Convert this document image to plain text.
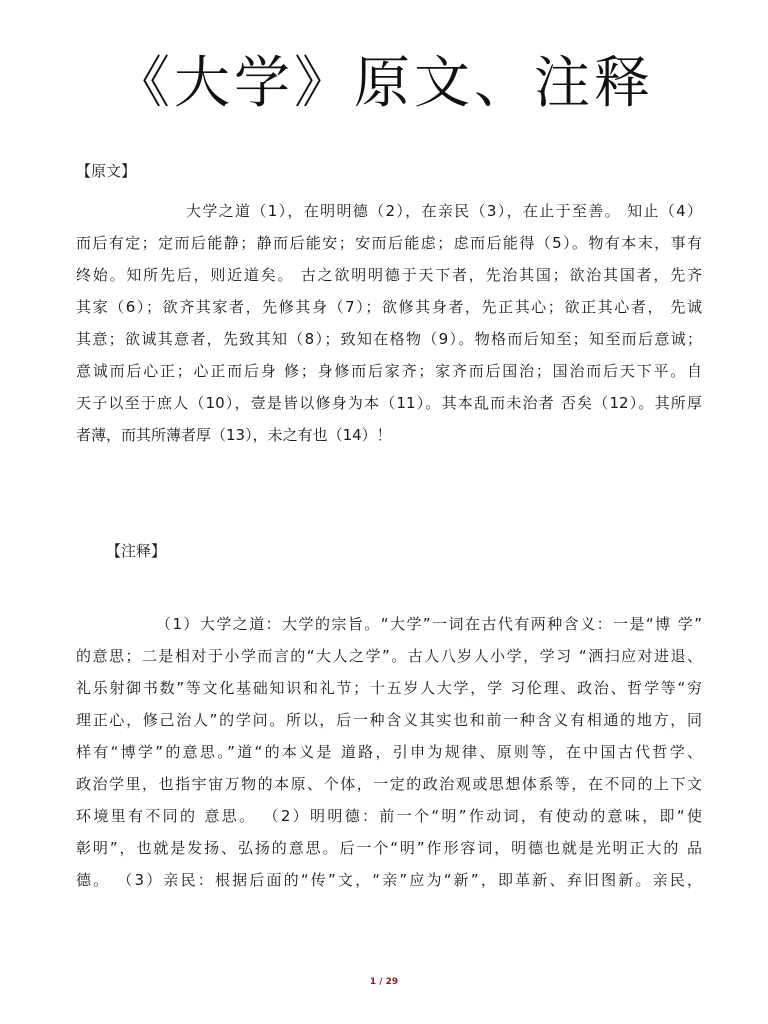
《大学》原文、注释
【原文】
大学之道（1），在明明德（2），在亲民（3），在止于至善。 知止（4）
而后有定；定而后能静；静而后能安；安而后能虑；虑而后能得（5）。物有本末，事有
终始。知所先后，则近道矣。 古之欲明明德于天下者，先治其国；欲治其国者，先齐
其家（6）；欲齐其家者，先修其身（7）；欲修其身者，先正其心；欲正其心者， 先诚
其意；欲诚其意者，先致其知（8）；致知在格物（9）。物格而后知至；知至而后意诚；
意诚而后心正；心正而后身 修；身修而后家齐；家齐而后国治；国治而后天下平。自
天子以至于庶人（10），壹是皆以修身为本（11）。其本乱而未治者 否矣（12）。其所厚
者薄，而其所薄者厚（13），未之有也（14）！
【注释】
（1）大学之道：大学的宗旨。“大学”一词在古代有两种含义：一是“博 学”
的意思；二是相对于小学而言的“大人之学”。古人八岁人小学，学习 “洒扫应对进退、
礼乐射御书数”等文化基础知识和礼节；十五岁人大学，学 习伦理、政治、哲学等“穷
理正心，修己治人”的学问。所以，后一种含义其实也和前一种含义有相通的地方，同
样有“博学”的意思。”道“的本义是 道路，引申为规律、原则等，在中国古代哲学、
政治学里，也指宇宙万物的本原、个体，一定的政治观或思想体系等，在不同的上下文
环境里有不同的 意思。 （2）明明德：前一个“明”作动词，有使动的意味，即“使
彰明”，也就是发扬、弘扬的意思。后一个“明”作形容词，明德也就是光明正大的 品
德。 （3）亲民：根据后面的“传”文，“亲”应为“新”，即革新、弃旧图新。亲民，
1 / 29
